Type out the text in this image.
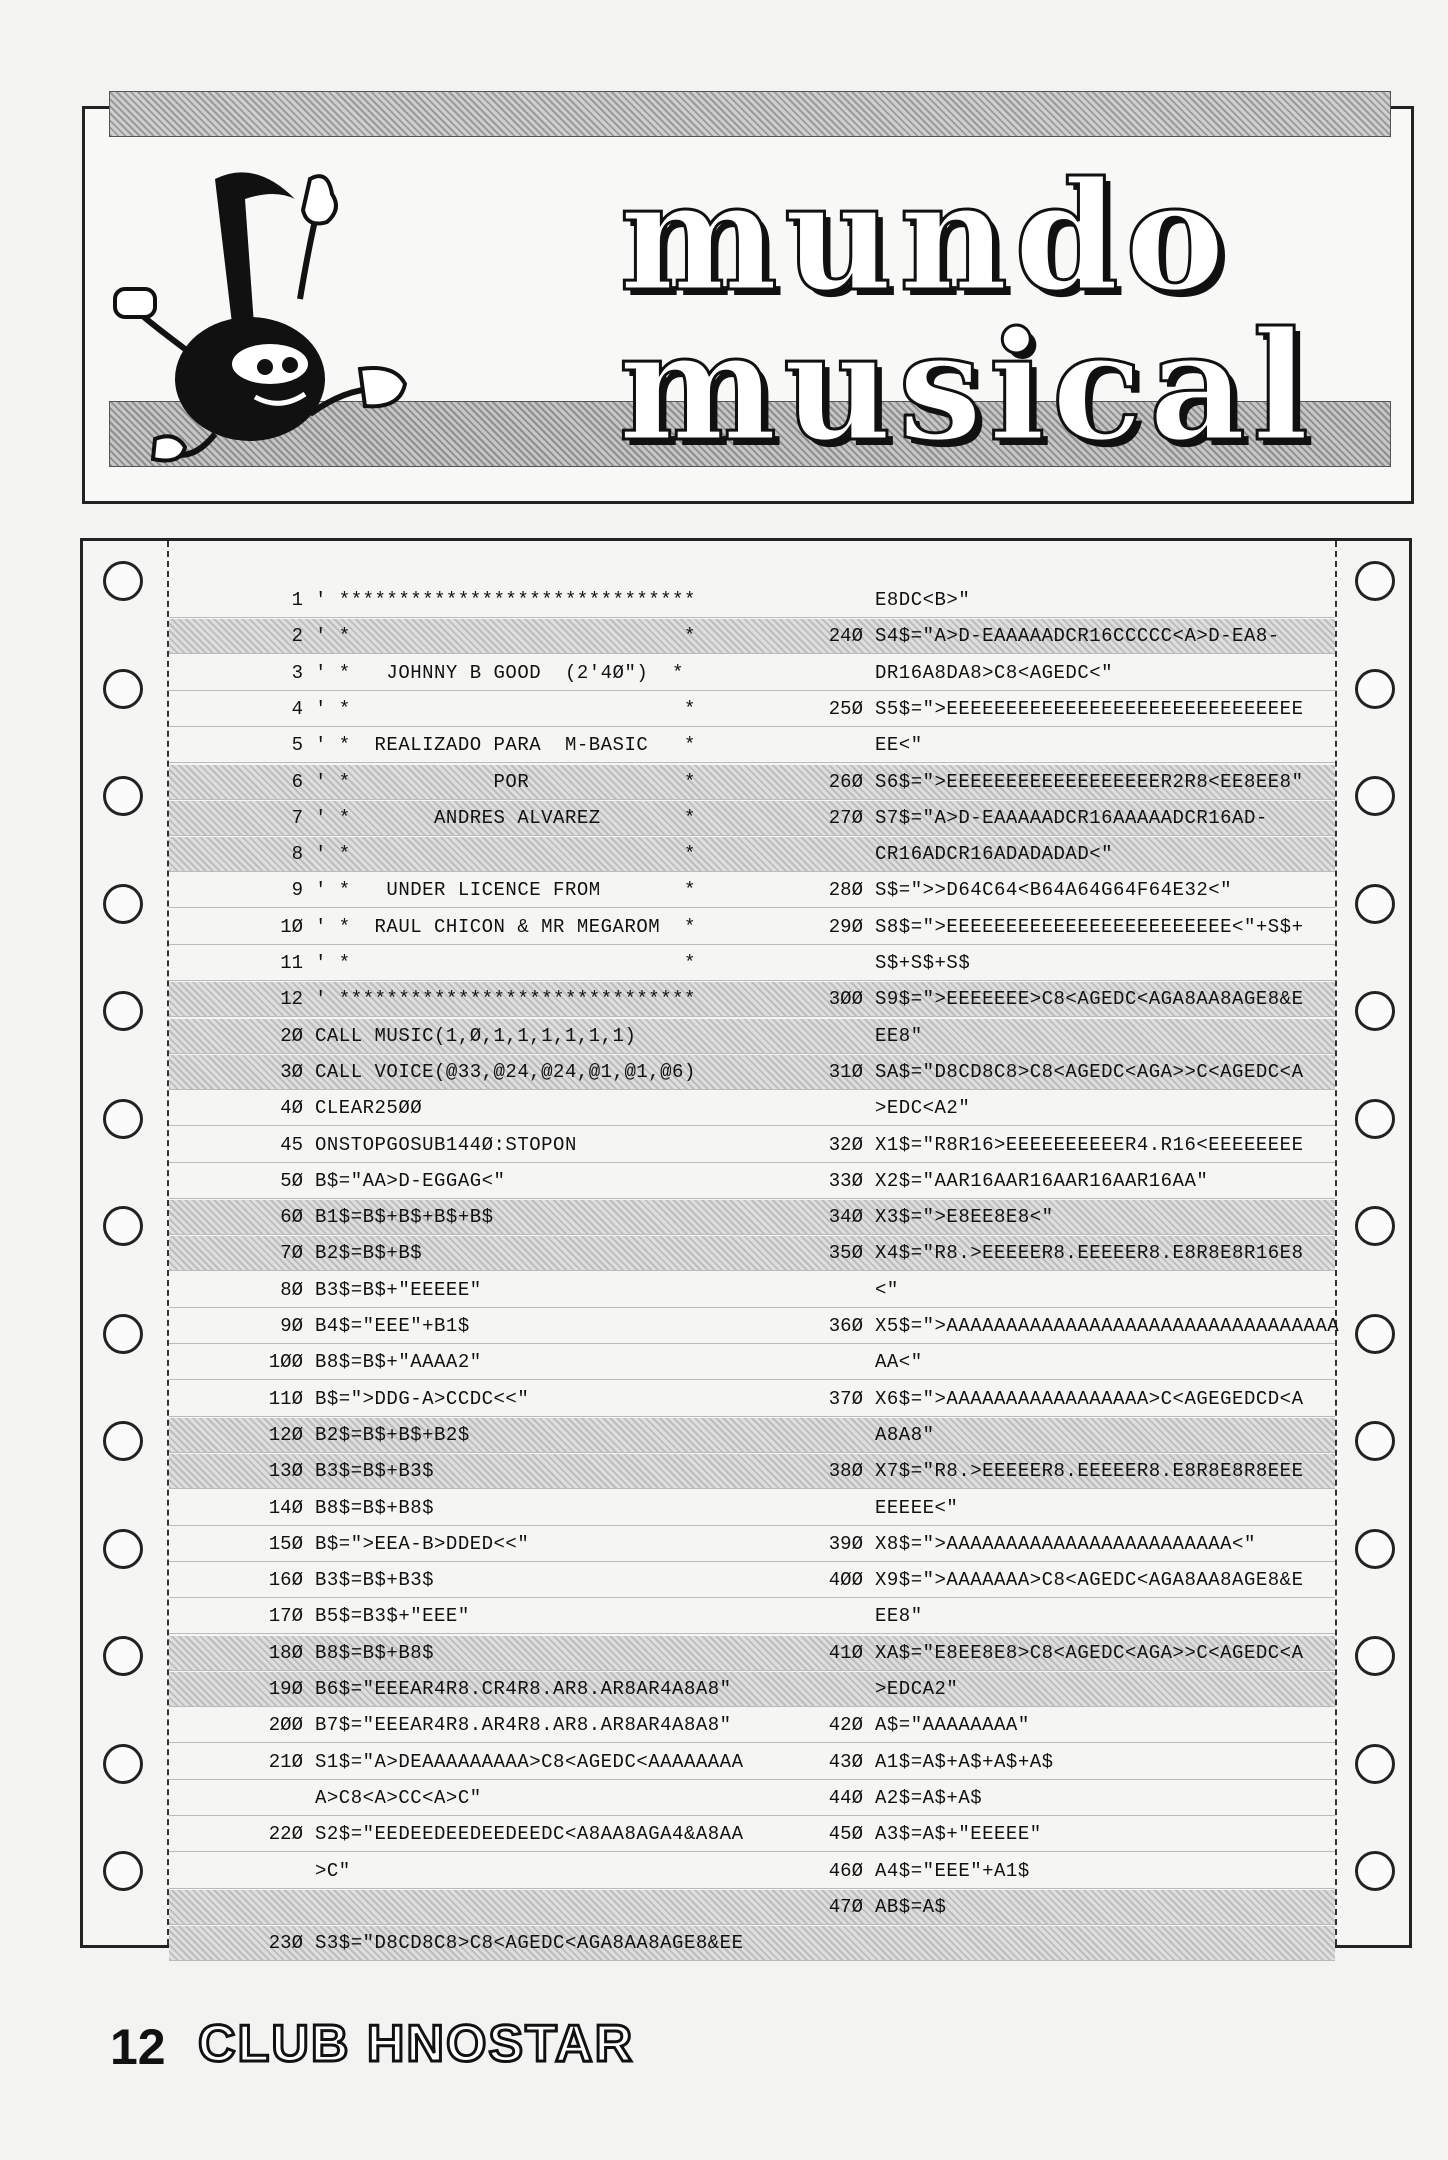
mundo
musical
1 ' ******************************	E8DC<B>"
2 ' *                            *	24Ø S4$="A>D-EAAAAADCR16CCCCC<A>D-EA8-
3 ' *   JOHNNY B GOOD  (2'4Ø")  *	DR16A8DA8>C8<AGEDC<"
4 ' *                            *	25Ø S5$=">EEEEEEEEEEEEEEEEEEEEEEEEEEEEEE
5 ' *  REALIZADO PARA  M-BASIC   *	EE<"
6 ' *            POR             *	26Ø S6$=">EEEEEEEEEEEEEEEEEER2R8<EE8EE8"
7 ' *       ANDRES ALVAREZ       *	27Ø S7$="A>D-EAAAAADCR16AAAAADCR16AD-
8 ' *                            *	CR16ADCR16ADADADAD<"
9 ' *   UNDER LICENCE FROM       *	28Ø S$=">>D64C64<B64A64G64F64E32<"
1Ø ' *  RAUL CHICON & MR MEGAROM  *	29Ø S8$=">EEEEEEEEEEEEEEEEEEEEEEEE<"+S$+
11 ' *                            *	S$+S$+S$
12 ' ******************************	3ØØ S9$=">EEEEEEE>C8<AGEDC<AGA8AA8AGE8&E
2Ø CALL MUSIC(1,Ø,1,1,1,1,1,1)	EE8"
3Ø CALL VOICE(@33,@24,@24,@1,@1,@6)	31Ø SA$="D8CD8C8>C8<AGEDC<AGA>>C<AGEDC<A
4Ø CLEAR25ØØ	>EDC<A2"
45 ONSTOPGOSUB144Ø:STOPON	32Ø X1$="R8R16>EEEEEEEEEER4.R16<EEEEEEEE
5Ø B$="AA>D-EGGAG<"	33Ø X2$="AAR16AAR16AAR16AAR16AA"
6Ø B1$=B$+B$+B$+B$	34Ø X3$=">E8EE8E8<"
7Ø B2$=B$+B$	35Ø X4$="R8.>EEEEER8.EEEEER8.E8R8E8R16E8
8Ø B3$=B$+"EEEEE"	<"
9Ø B4$="EEE"+B1$	36Ø X5$=">AAAAAAAAAAAAAAAAAAAAAAAAAAAAAAAAA
1ØØ B8$=B$+"AAAA2"	AA<"
11Ø B$=">DDG-A>CCDC<<"	37Ø X6$=">AAAAAAAAAAAAAAAAA>C<AGEGEDCD<A
12Ø B2$=B$+B$+B2$	A8A8"
13Ø B3$=B$+B3$	38Ø X7$="R8.>EEEEER8.EEEEER8.E8R8E8R8EEE
14Ø B8$=B$+B8$	EEEEE<"
15Ø B$=">EEA-B>DDED<<"	39Ø X8$=">AAAAAAAAAAAAAAAAAAAAAAAA<"
16Ø B3$=B$+B3$	4ØØ X9$=">AAAAAAA>C8<AGEDC<AGA8AA8AGE8&E
17Ø B5$=B3$+"EEE"	EE8"
18Ø B8$=B$+B8$	41Ø XA$="E8EE8E8>C8<AGEDC<AGA>>C<AGEDC<A
19Ø B6$="EEEAR4R8.CR4R8.AR8.AR8AR4A8A8"	>EDCA2"
2ØØ B7$="EEEAR4R8.AR4R8.AR8.AR8AR4A8A8"	42Ø A$="AAAAAAAA"
21Ø S1$="A>DEAAAAAAAAA>C8<AGEDC<AAAAAAAA	43Ø A1$=A$+A$+A$+A$
A>C8<A>CC<A>C"	44Ø A2$=A$+A$
22Ø S2$="EEDEEDEEDEEDEEDC<A8AA8AGA4&A8AA	45Ø A3$=A$+"EEEEE"
>C"	46Ø A4$="EEE"+A1$
47Ø AB$=A$
23Ø S3$="D8CD8C8>C8<AGEDC<AGA8AA8AGE8&EE
12 CLUB HNOSTAR
